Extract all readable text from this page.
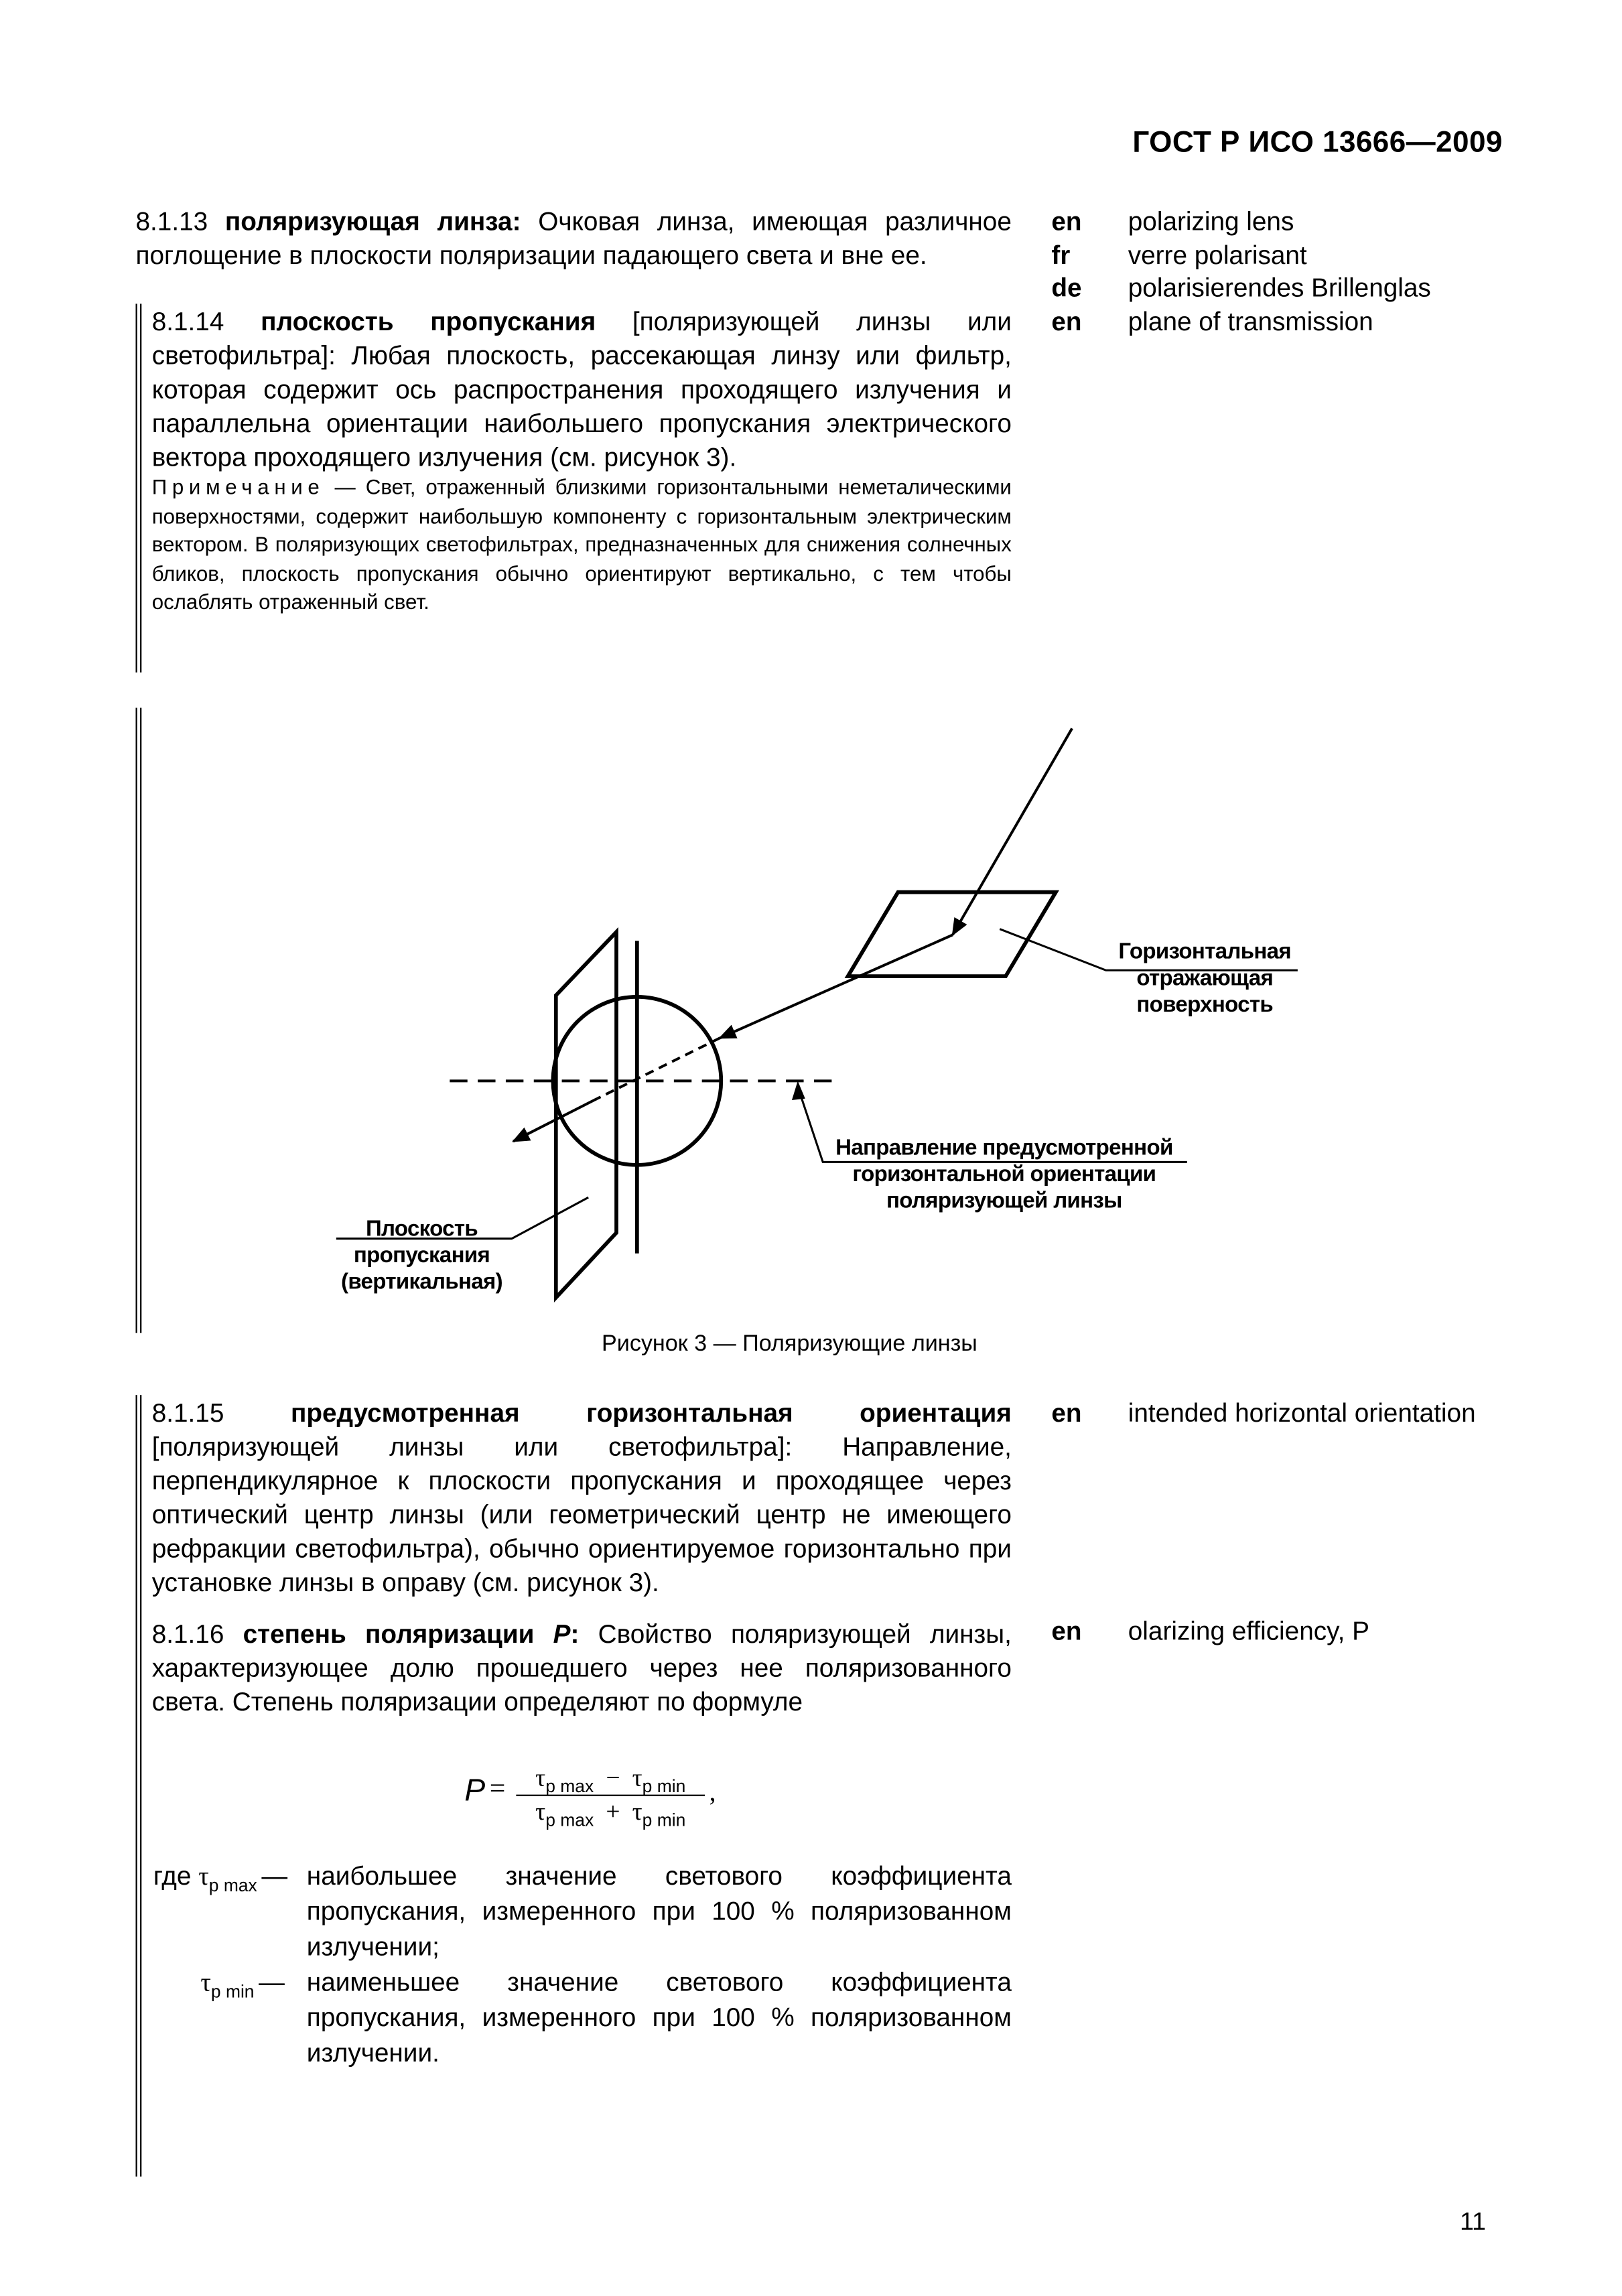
ГОСТ Р ИСО 13666—2009

8.1.13 поляризующая линза: Очковая линза, имеющая различное поглощение в плоскости поляризации падающего света и вне ее.

8.1.14 плоскость пропускания [поляризующей линзы или светофильтра]: Любая плоскость, рассекающая линзу или фильтр, которая содержит ось распространения проходящего излучения и параллельна ориентации наибольшего пропускания электрического вектора проходящего излучения (см. рисунок 3).

Примечание — Свет, отраженный близкими горизонтальными неметалическими поверхностями, содержит наибольшую компоненту с горизонтальным электрическим вектором. В поляризующих светофильтрах, предназначенных для снижения солнечных бликов, плоскость пропускания обычно ориентируют вертикально, с тем чтобы ослаблять отраженный свет.

en	polarizing lens
fr	verre polarisant
de	polarisierendes Brillenglas
en	plane of transmission
Горизонтальная
отражающая
поверхность
Направление предусмотренной
горизонтальной ориентации
поляризующей линзы
Плоскость
пропускания
(вертикальная)
Рисунок 3 — Поляризующие линзы

8.1.15 предусмотренная горизонтальная ориентация [поляризующей линзы или светофильтра]: Направление, перпендикулярное к плоскости пропускания и проходящее через оптический центр линзы (или геометрический центр не имеющего рефракции светофильтра), обычно ориентируемое горизонтально при установке линзы в оправу (см. рисунок 3).

8.1.16 степень поляризации P: Свойство поляризующей линзы, характеризующее долю прошедшего через нее поляризованного света. Степень поляризации определяют по формуле

en	intended horizontal orientation
en	olarizing efficiency, P
P =	$\tau_{p max} - \tau_{p min}$
$\tau_{p max} + \tau_{p min}$
,
где $\tau_{p max}$ — наибольшее значение светового коэффициента пропускания, измеренного при 100 % поляризованном излучении;
$\tau_{p min}$ — наименьшее значение светового коэффициента пропускания, измеренного при 100 % поляризованном излучении.
11
